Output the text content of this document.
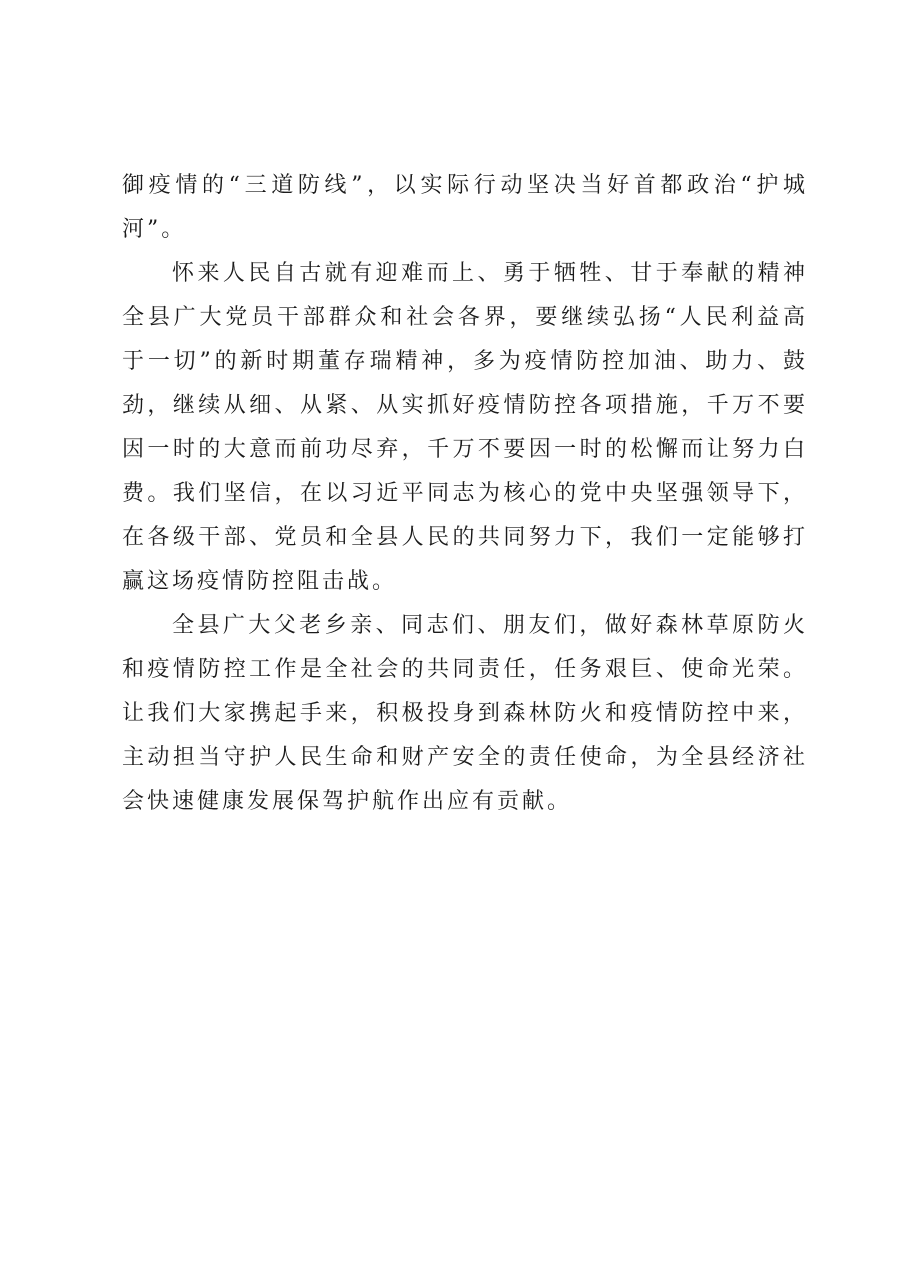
御疫情的“三道防线”，以实际行动坚决当好首都政治“护城河”。

怀来人民自古就有迎难而上、勇于牺牲、甘于奉献的精神全县广大党员干部群众和社会各界，要继续弘扬“人民利益高于一切”的新时期董存瑞精神，多为疫情防控加油、助力、鼓劲，继续从细、从紧、从实抓好疫情防控各项措施，千万不要因一时的大意而前功尽弃，千万不要因一时的松懈而让努力白费。我们坚信，在以习近平同志为核心的党中央坚强领导下，在各级干部、党员和全县人民的共同努力下，我们一定能够打赢这场疫情防控阻击战。

全县广大父老乡亲、同志们、朋友们，做好森林草原防火和疫情防控工作是全社会的共同责任，任务艰巨、使命光荣。让我们大家携起手来，积极投身到森林防火和疫情防控中来，主动担当守护人民生命和财产安全的责任使命，为全县经济社会快速健康发展保驾护航作出应有贡献。
